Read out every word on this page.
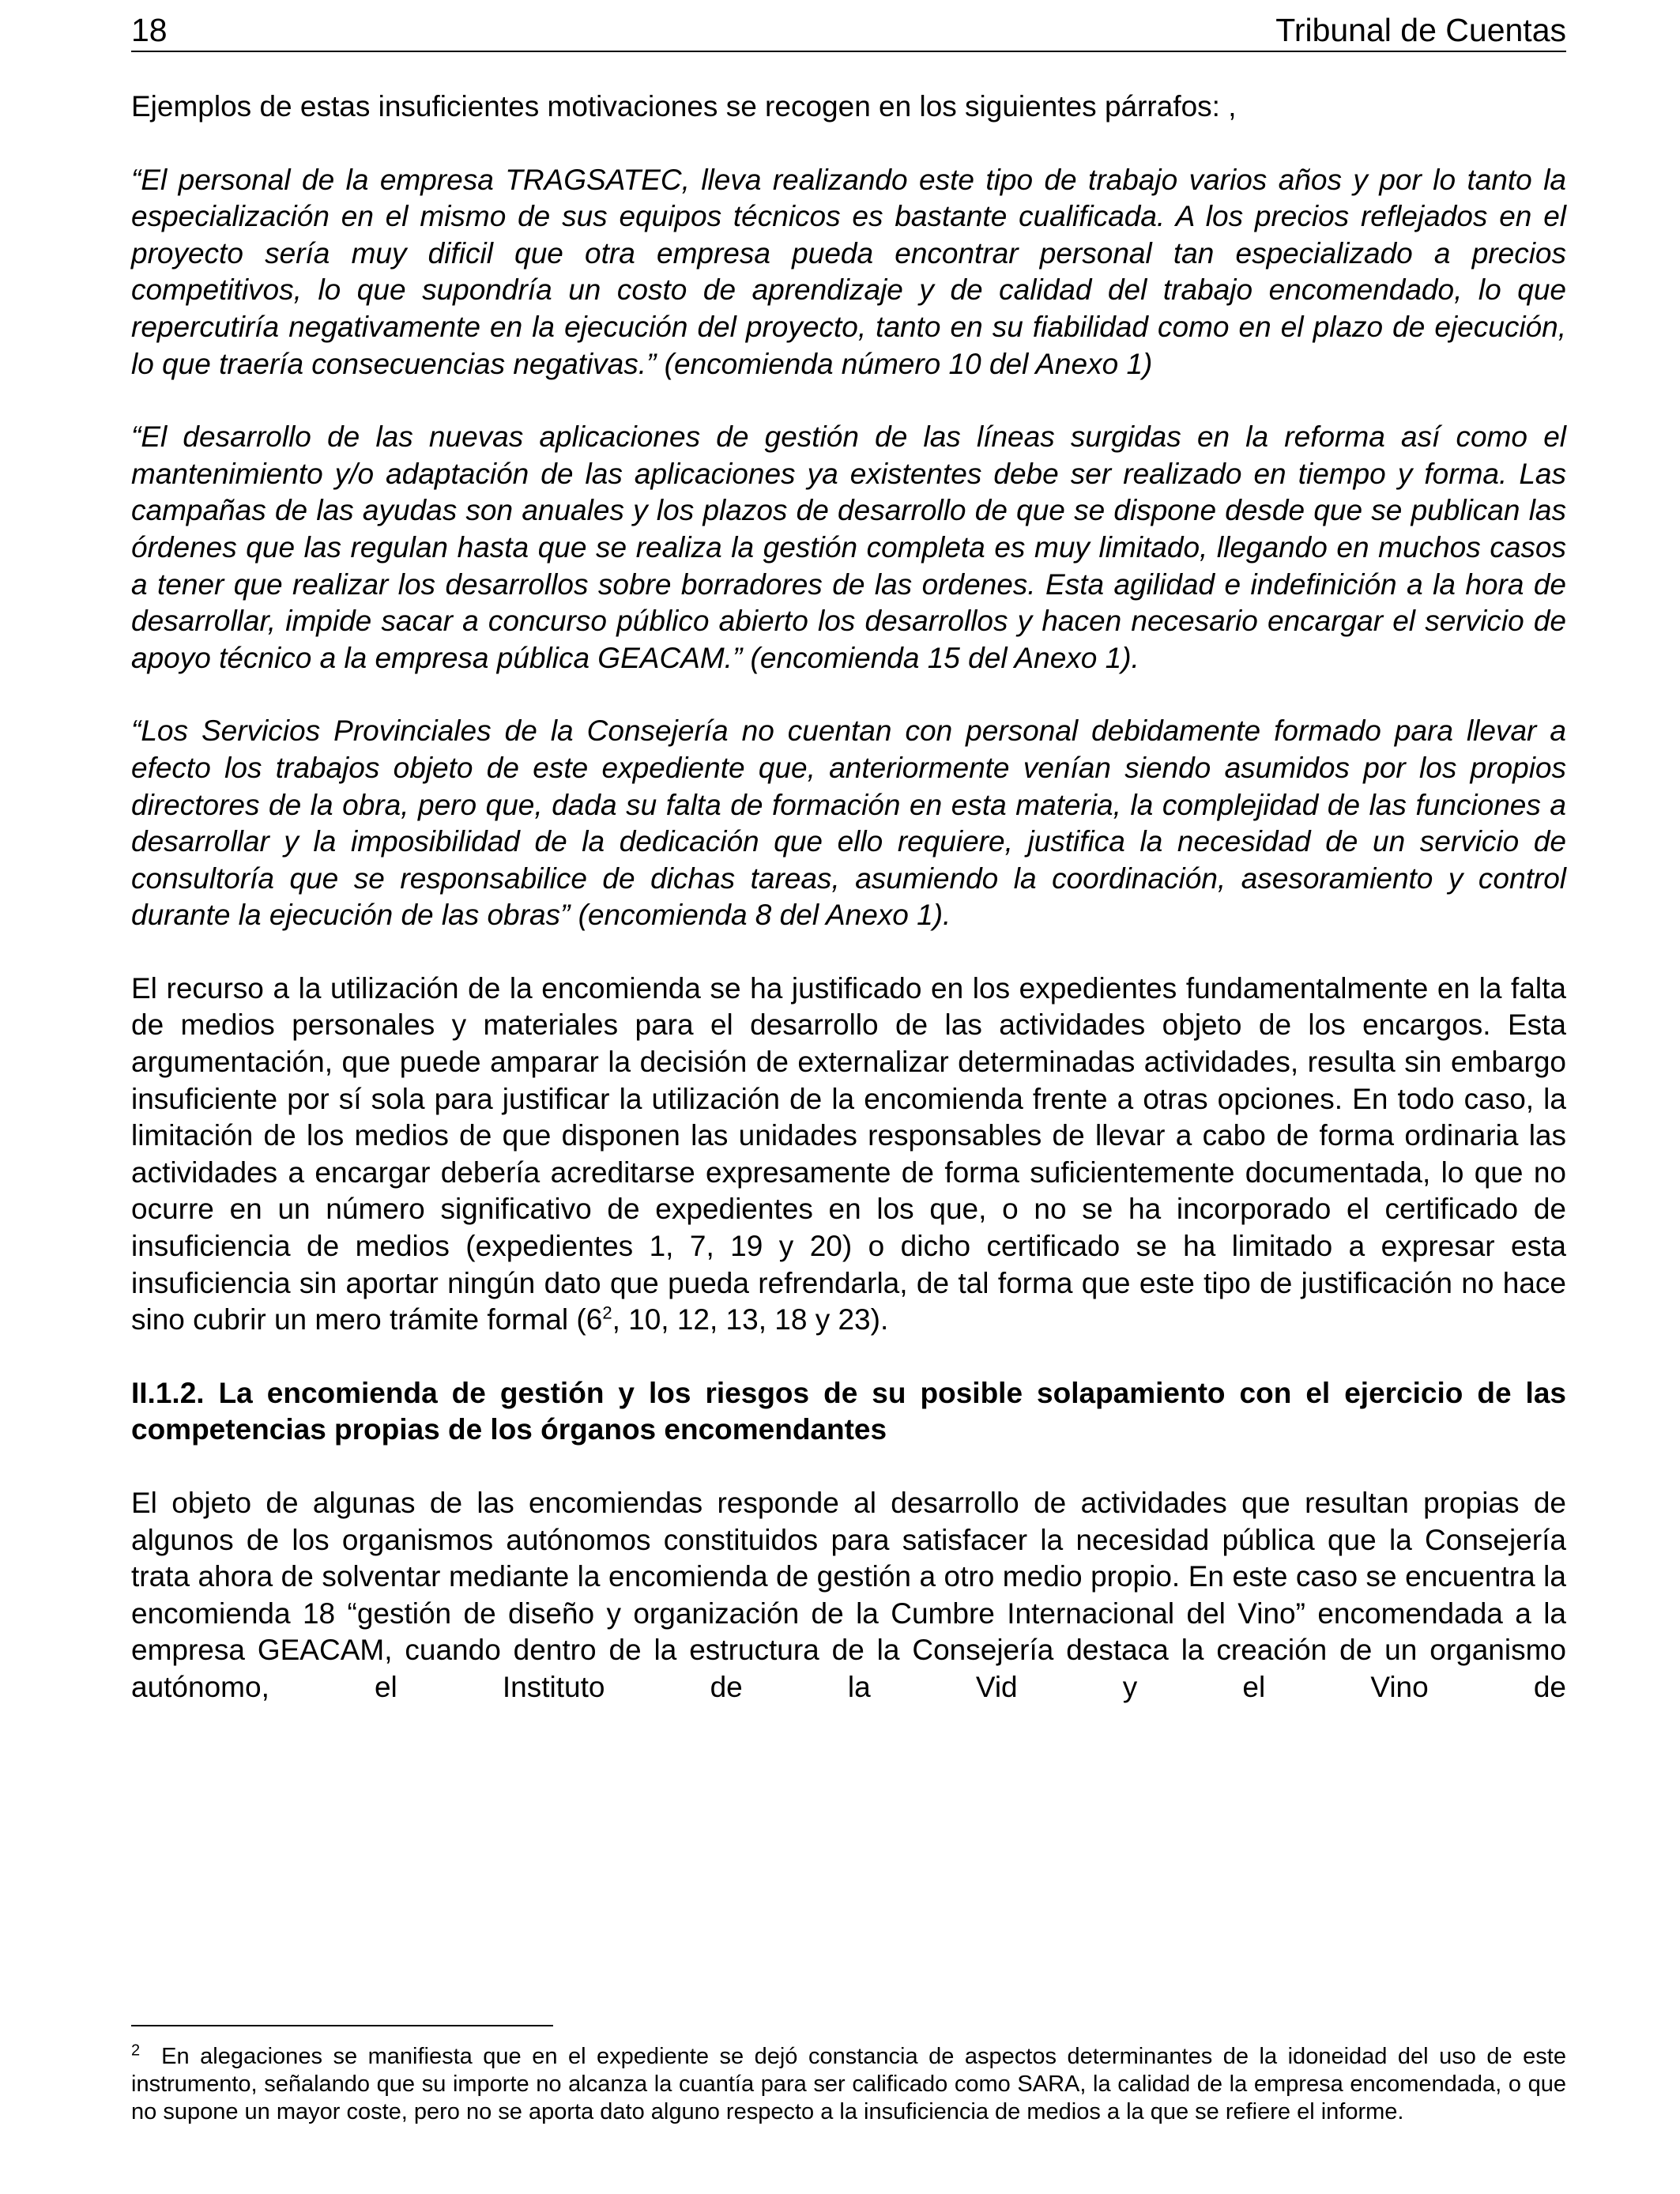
18	Tribunal de Cuentas

Ejemplos de estas insuficientes motivaciones se recogen en los siguientes párrafos: ,

“El personal de la empresa TRAGSATEC, lleva realizando este tipo de trabajo varios años y por lo tanto la especialización en el mismo de sus equipos técnicos es bastante cualificada. A los precios reflejados en el proyecto sería muy dificil que otra empresa pueda encontrar personal tan especializado a precios competitivos, lo que supondría un costo de aprendizaje y de calidad del trabajo encomendado, lo que repercutiría negativamente en la ejecución del proyecto, tanto en su fiabilidad como en el plazo de ejecución, lo que traería consecuencias negativas.” (encomienda número 10 del Anexo 1)

“El desarrollo de las nuevas aplicaciones de gestión de las líneas surgidas en la reforma así como el mantenimiento y/o adaptación de las aplicaciones ya existentes debe ser realizado en tiempo y forma. Las campañas de las ayudas son anuales y los plazos de desarrollo de que se dispone desde que se publican las órdenes que las regulan hasta que se realiza la gestión completa es muy limitado, llegando en muchos casos a tener que realizar los desarrollos sobre borradores de las ordenes. Esta agilidad e indefinición a la hora de desarrollar, impide sacar a concurso público abierto los desarrollos y hacen necesario encargar el servicio de apoyo técnico a la empresa pública GEACAM.” (encomienda 15 del Anexo 1).

“Los Servicios Provinciales de la Consejería no cuentan con personal debidamente formado para llevar a efecto los trabajos objeto de este expediente que, anteriormente venían siendo asumidos por los propios directores de la obra, pero que, dada su falta de formación en esta materia, la complejidad de las funciones a desarrollar y la imposibilidad de la dedicación que ello requiere, justifica la necesidad de un servicio de consultoría que se responsabilice de dichas tareas, asumiendo la coordinación, asesoramiento y control durante la ejecución de las obras” (encomienda 8 del Anexo 1).

El recurso a la utilización de la encomienda se ha justificado en los expedientes fundamentalmente en la falta de medios personales y materiales para el desarrollo de las actividades objeto de los encargos. Esta argumentación, que puede amparar la decisión de externalizar determinadas actividades, resulta sin embargo insuficiente por sí sola para justificar la utilización de la encomienda frente a otras opciones. En todo caso, la limitación de los medios de que disponen las unidades responsables de llevar a cabo de forma ordinaria las actividades a encargar debería acreditarse expresamente de forma suficientemente documentada, lo que no ocurre en un número significativo de expedientes en los que, o no se ha incorporado el certificado de insuficiencia de medios (expedientes 1, 7, 19 y 20) o dicho certificado se ha limitado a expresar esta insuficiencia sin aportar ningún dato que pueda refrendarla, de tal forma que este tipo de justificación no hace sino cubrir un mero trámite formal ($6^2$, 10, 12, 13, 18 y 23).

II.1.2. La encomienda de gestión y los riesgos de su posible solapamiento con el ejercicio de las competencias propias de los órganos encomendantes

El objeto de algunas de las encomiendas responde al desarrollo de actividades que resultan propias de algunos de los organismos autónomos constituidos para satisfacer la necesidad pública que la Consejería trata ahora de solventar mediante la encomienda de gestión a otro medio propio. En este caso se encuentra la encomienda 18 “gestión de diseño y organización de la Cumbre Internacional del Vino” encomendada a la empresa GEACAM, cuando dentro de la estructura de la Consejería destaca la creación de un organismo autónomo, el Instituto de la Vid y el Vino de

$^2$ En alegaciones se manifiesta que en el expediente se dejó constancia de aspectos determinantes de la idoneidad del uso de este instrumento, señalando que su importe no alcanza la cuantía para ser calificado como SARA, la calidad de la empresa encomendada, o que no supone un mayor coste, pero no se aporta dato alguno respecto a la insuficiencia de medios a la que se refiere el informe.
